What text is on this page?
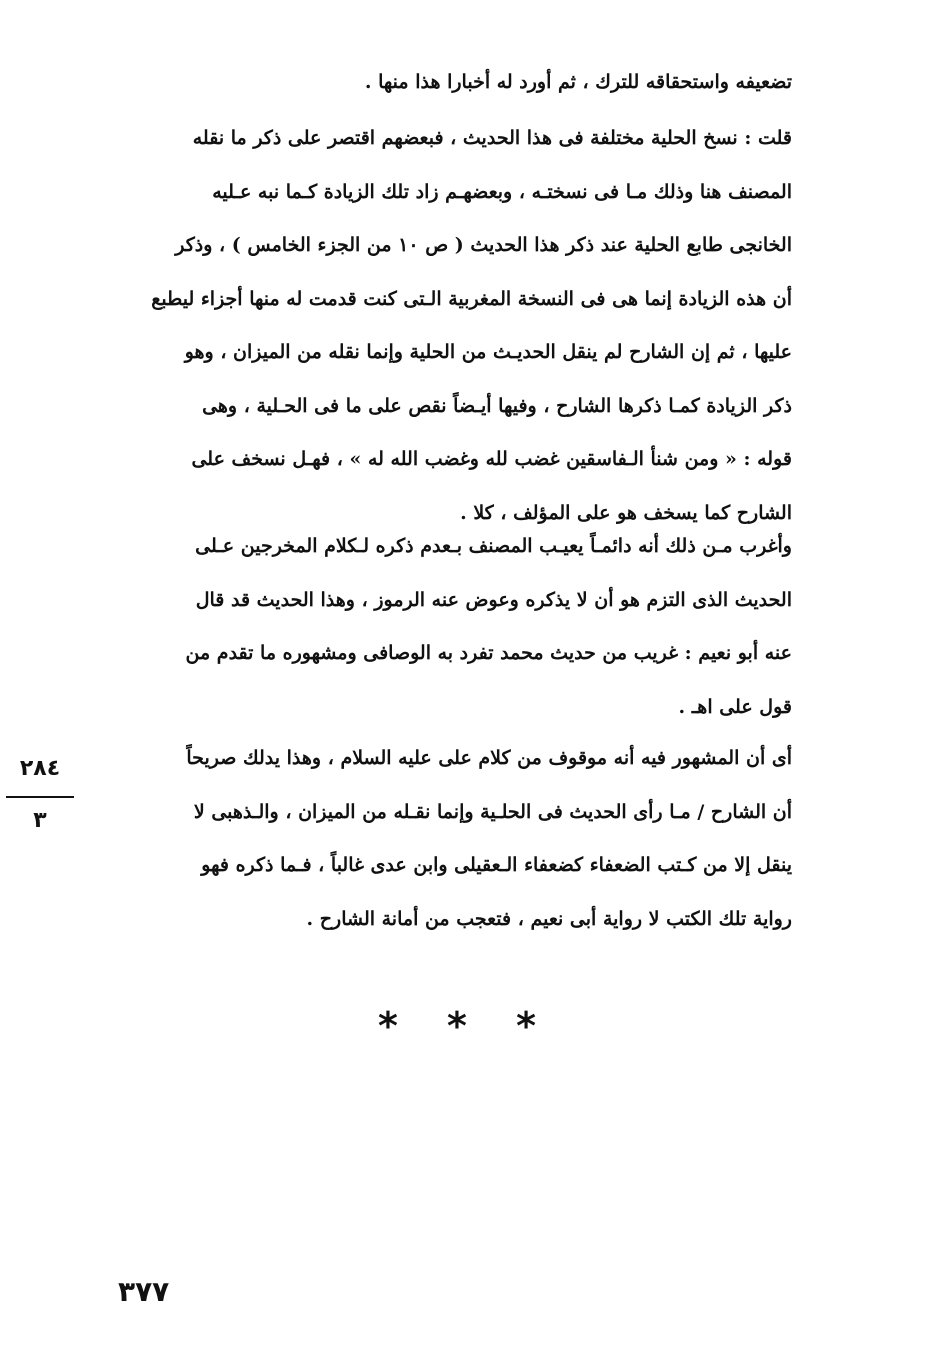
تضعيفه واستحقاقه للترك ، ثم أورد له أخبارا هذا منها .
قلت : نسخ الحلية مختلفة فى هذا الحديث ، فبعضهم اقتصر على ذكر ما نقله
المصنف هنا وذلك مـا فى نسختـه ، وبعضهـم زاد تلك الزيادة كـما نبه عـليه
الخانجى طابع الحلية عند ذكر هذا الحديث ( ص ١٠ من الجزء الخامس ) ، وذكر
أن هذه الزيادة إنما هى فى النسخة المغربية الـتى كنت قدمت له منها أجزاء ليطبع
عليها ، ثم إن الشارح لم ينقل الحديـث من الحلية وإنما نقله من الميزان ، وهو
ذكر الزيادة كمـا ذكرها الشارح ، وفيها أيـضاً نقص على ما فى الحـلية ، وهى
قوله : « ومن شنأ الـفاسقين غضب لله وغضب الله له » ، فهـل نسخف على
الشارح كما يسخف هو على المؤلف ، كلا .
وأغرب مـن ذلك أنه دائمـاً يعيـب المصنف بـعدم ذكره لـكلام المخرجين عـلى
الحديث الذى التزم هو أن لا يذكره وعوض عنه الرموز ، وهذا الحديث قد قال
عنه أبو نعيم : غريب من حديث محمد تفرد به الوصافى ومشهوره ما تقدم من
قول على اهـ .
أى أن المشهور فيه أنه موقوف من كلام على عليه السلام ، وهذا يدلك صريحاً
أن الشارح / مـا رأى الحديث فى الحلـية وإنما نقـله من الميزان ، والـذهبى لا
ينقل إلا من كـتب الضعفاء كضعفاء الـعقيلى وابن عدى غالباً ، فـما ذكره فهو
رواية تلك الكتب لا رواية أبى نعيم ، فتعجب من أمانة الشارح .
٢٨٤
٣
* * *
٣٧٧
